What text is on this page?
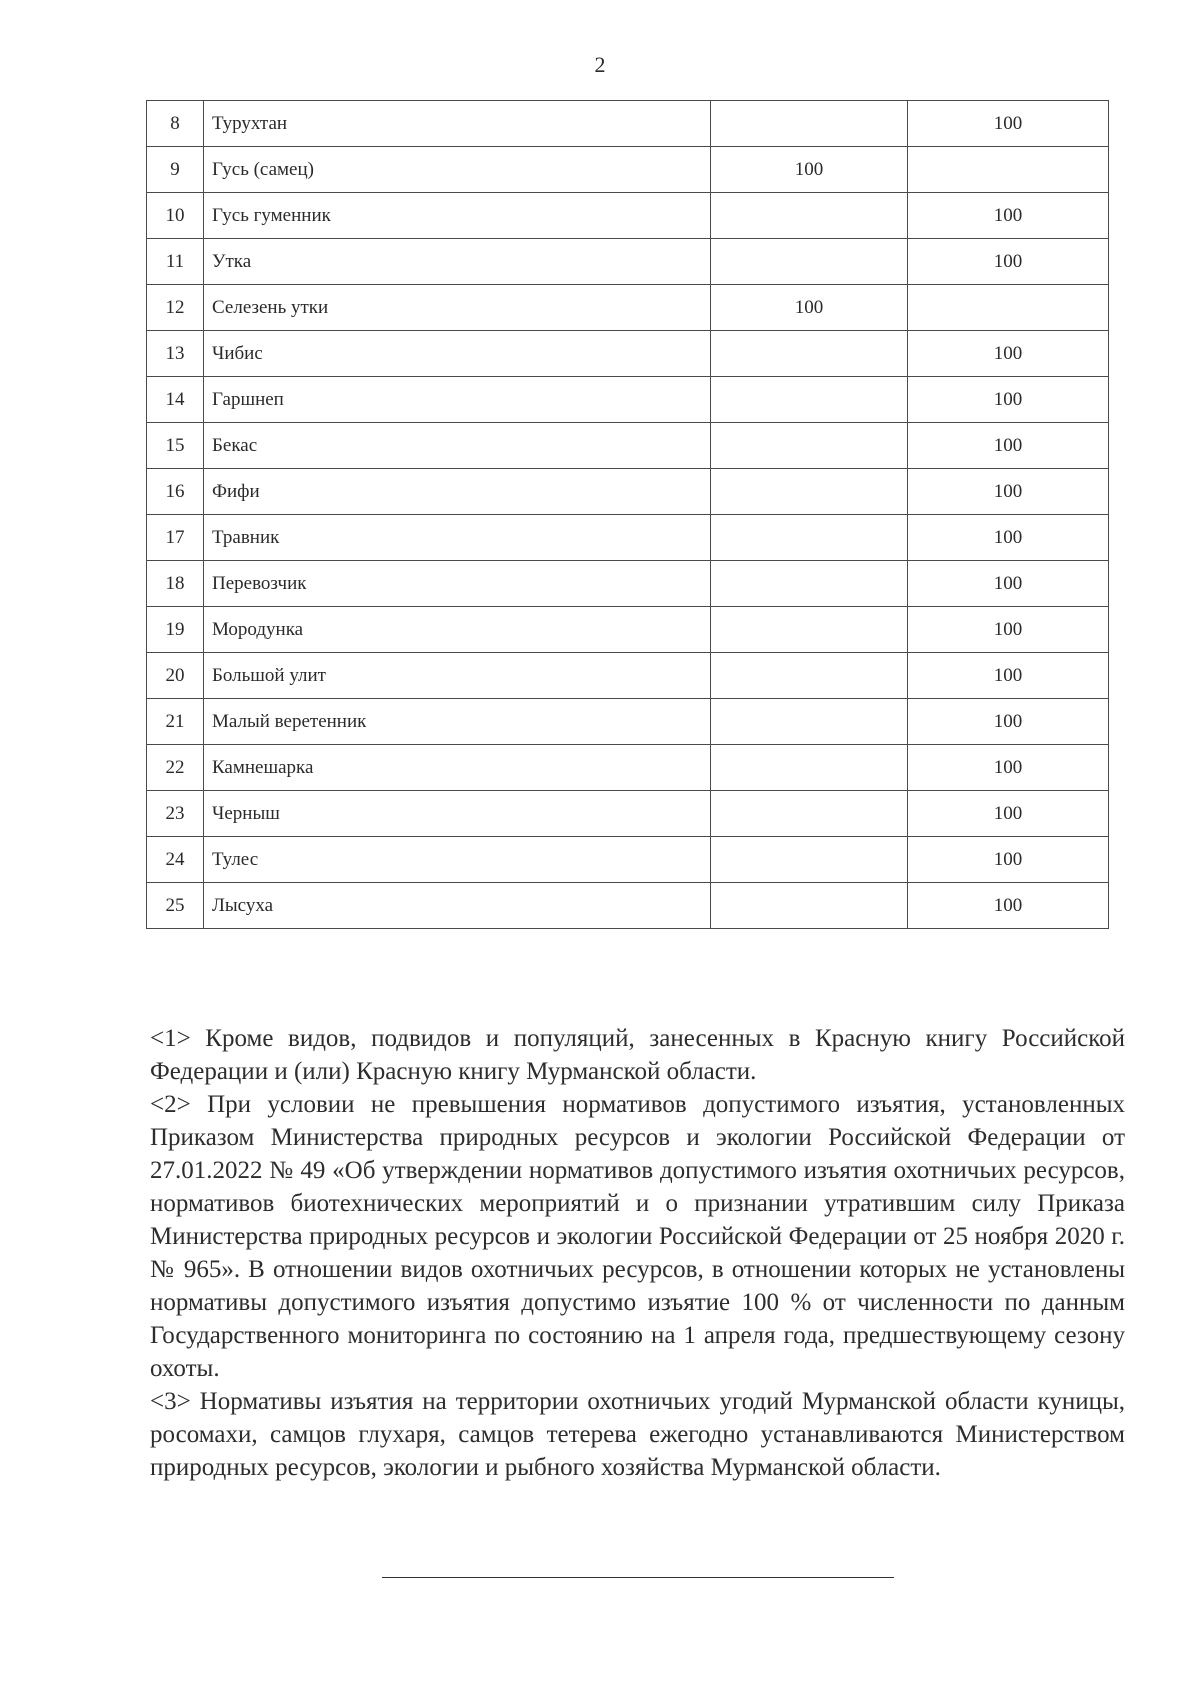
2
8	Турухтан		100
9	Гусь (самец)	100	
10	Гусь гуменник		100
11	Утка		100
12	Селезень утки	100	
13	Чибис		100
14	Гаршнеп		100
15	Бекас		100
16	Фифи		100
17	Травник		100
18	Перевозчик		100
19	Мородунка		100
20	Большой улит		100
21	Малый веретенник		100
22	Камнешарка		100
23	Черныш		100
24	Тулес		100
25	Лысуха		100

<1> Кроме видов, подвидов и популяций, занесенных в Красную книгу Российской Федерации и (или) Красную книгу Мурманской области.

<2> При условии не превышения нормативов допустимого изъятия, установленных Приказом Министерства природных ресурсов и экологии Российской Федерации от 27.01.2022 № 49 «Об утверждении нормативов допустимого изъятия охотничьих ресурсов, нормативов биотехнических мероприятий и о признании утратившим силу Приказа Министерства природных ресурсов и экологии Российской Федерации от 25 ноября 2020 г. № 965». В отношении видов охотничьих ресурсов, в отношении которых не установлены нормативы допустимого изъятия допустимо изъятие 100 % от численности по данным Государственного мониторинга по состоянию на 1 апреля года, предшествующему сезону охоты.

<3> Нормативы изъятия на территории охотничьих угодий Мурманской области куницы, росомахи, самцов глухаря, самцов тетерева ежегодно устанавливаются Министерством природных ресурсов, экологии и рыбного хозяйства Мурманской области.
